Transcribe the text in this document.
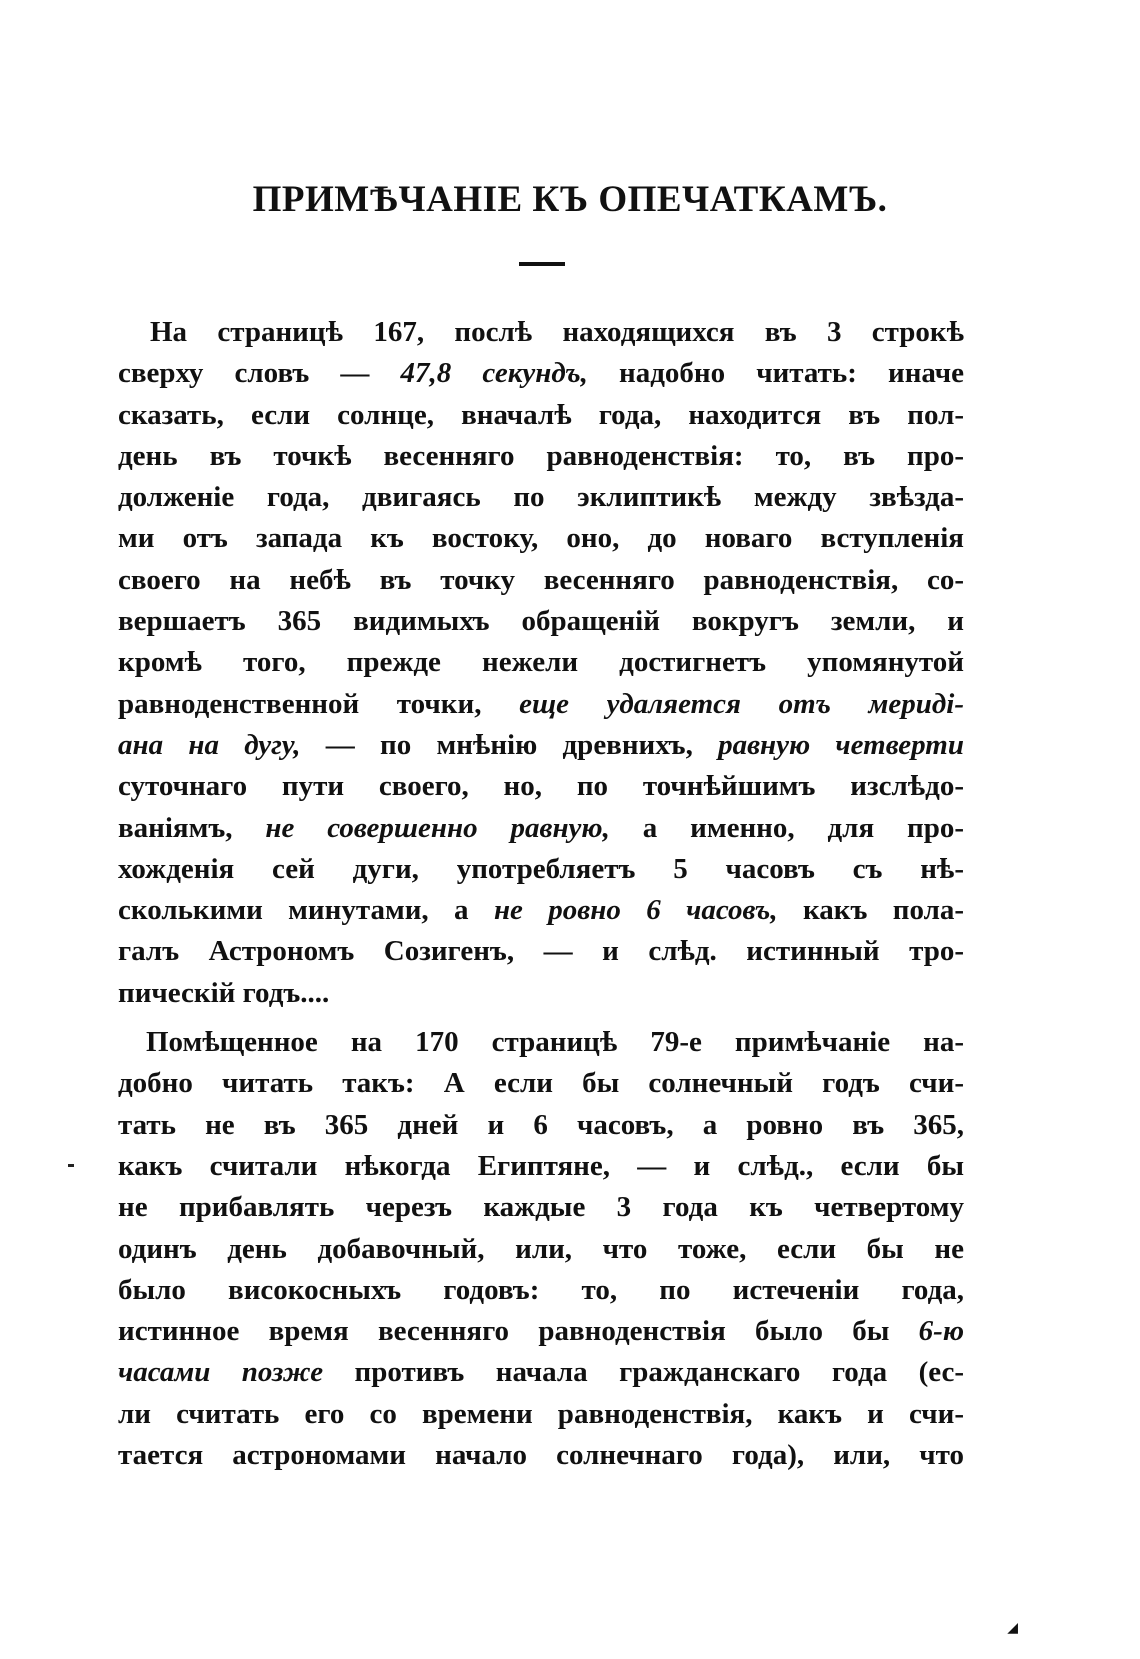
ПРИМѢЧАНІЕ КЪ ОПЕЧАТКАМЪ.
На страницѣ 167, послѣ находящихся въ 3 строкѣ
сверху словъ — 47,8 секундъ, надобно читать: иначе
сказать, если солнце, вначалѣ года, находится въ пол-
день въ точкѣ весенняго равноденствія: то, въ про-
долженіе года, двигаясь по эклиптикѣ между звѣзда-
ми отъ запада къ востоку, оно, до новаго вступленія
своего на небѣ въ точку весенняго равноденствія, со-
вершаетъ 365 видимыхъ обращеній вокругъ земли, и
кромѣ того, прежде нежели достигнетъ упомянутой
равноденственной точки, еще удаляется отъ мериді-
ана на дугу, — по мнѣнію древнихъ, равную четверти
суточнаго пути своего, но, по точнѣйшимъ изслѣдо-
ваніямъ, не совершенно равную, а именно, для про-
хожденія сей дуги, употребляетъ 5 часовъ съ нѣ-
сколькими минутами, а не ровно 6 часовъ, какъ пола-
галъ Астрономъ Созигенъ, — и слѣд. истинный тро-
пическій годъ....
Помѣщенное на 170 страницѣ 79-е примѣчаніе на-
добно читать такъ: А если бы солнечный годъ счи-
тать не въ 365 дней и 6 часовъ, а ровно въ 365,
какъ считали нѣкогда Египтяне, — и слѣд., если бы
не прибавлять черезъ каждые 3 года къ четвертому
одинъ день добавочный, или, что тоже, если бы не
было високосныхъ годовъ: то, по истеченіи года,
истинное время весенняго равноденствія было бы 6-ю
часами позже противъ начала гражданскаго года (ес-
ли считать его со времени равноденствія, какъ и счи-
тается астрономами начало солнечнаго года), или, что
◢
